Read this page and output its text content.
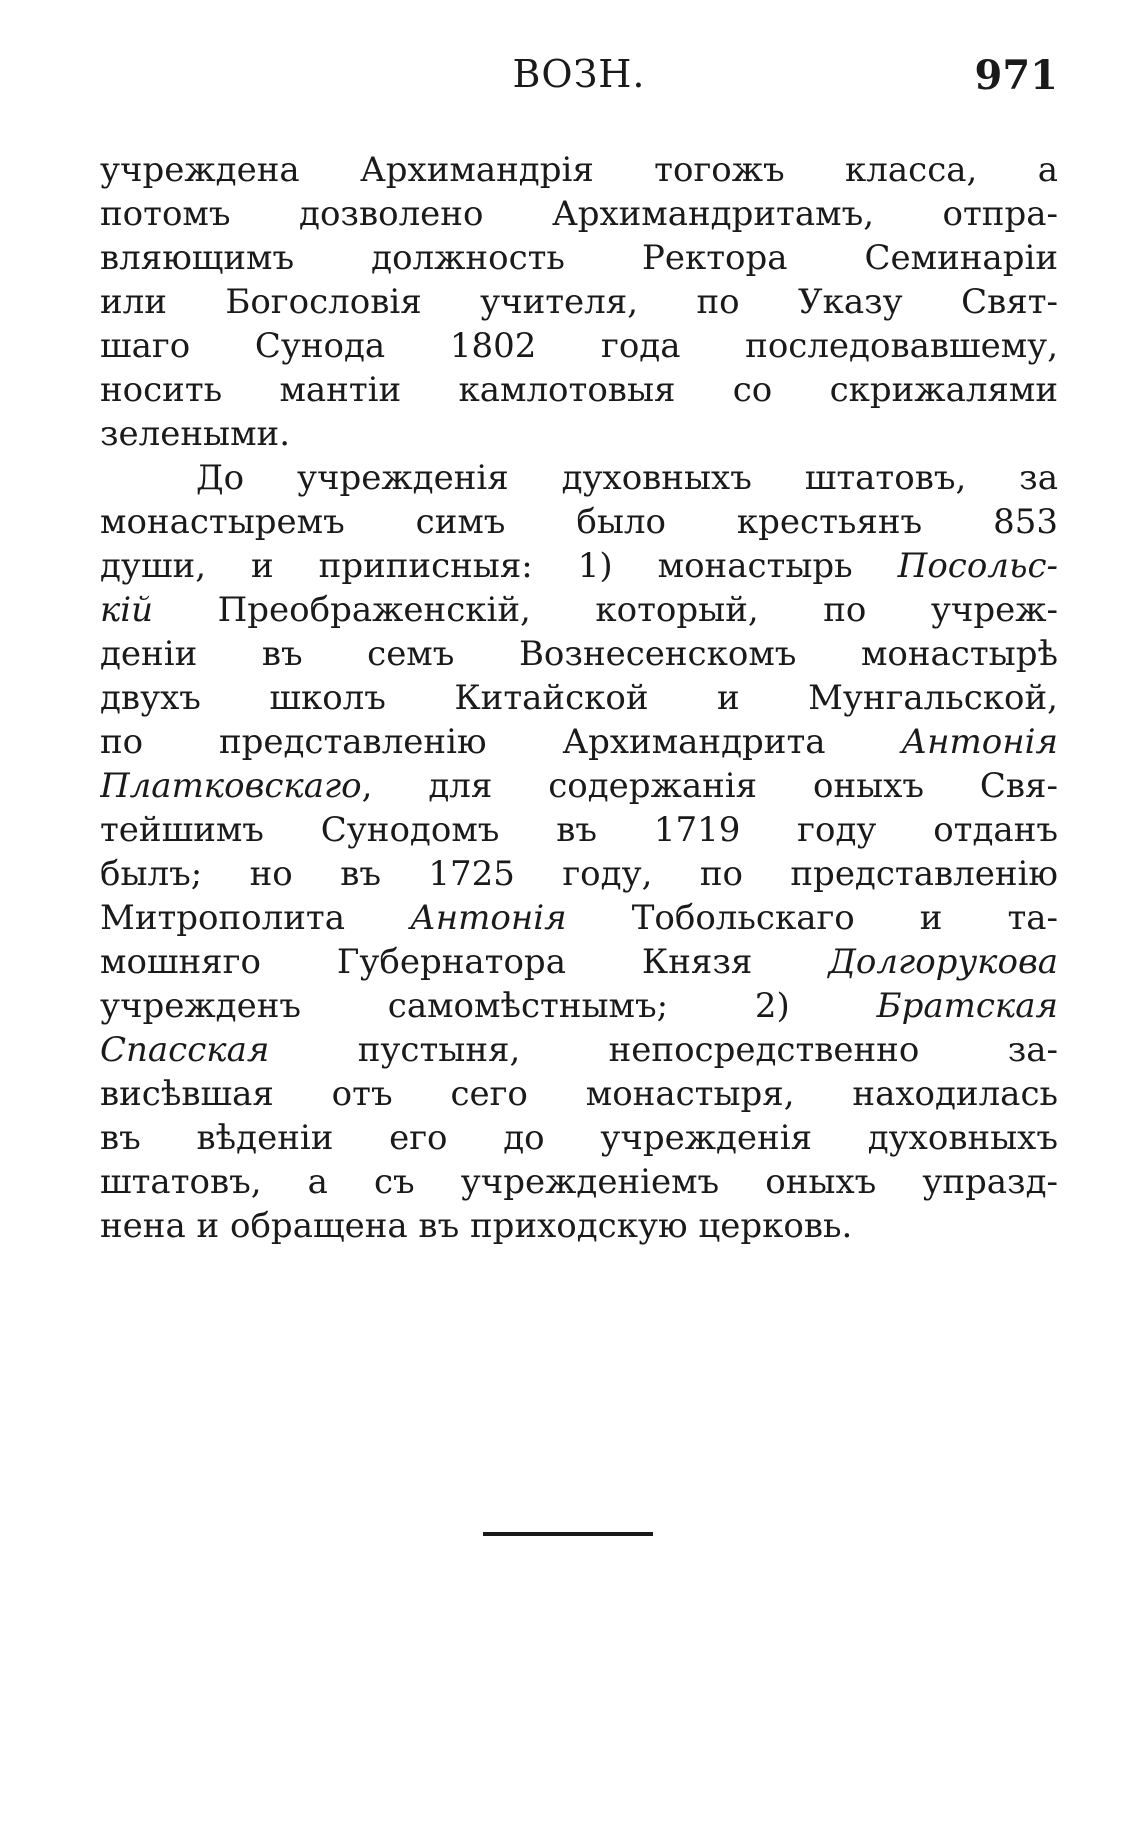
ВОЗН.	971
учреждена Архимандрія тогожъ класса, а
потомъ дозволено Архимандритамъ, отпра-
вляющимъ должность Ректора Семинаріи
или Богословія учителя, по Указу Свят-
шаго Сунода 1802 года последовавшему,
носить мантіи камлотовыя со скрижалями
зелеными.
До учрежденія духовныхъ штатовъ, за
монастыремъ симъ было крестьянъ 853
души, и приписныя: 1) монастырь Посольс-
кій Преображенскій, который, по учреж-
деніи въ семъ Вознесенскомъ монастырѣ
двухъ школъ Китайской и Мунгальской,
по представленію Архимандрита Антонія
Платковскаго, для содержанія оныхъ Свя-
тейшимъ Сунодомъ въ 1719 году отданъ
былъ; но въ 1725 году, по представленію
Митрополита Антонія Тобольскаго и та-
мошняго Губернатора Князя Долгорукова
учрежденъ самомѣстнымъ; 2)	Братская
Спасская	пустыня, непосредственно за-
висѣвшая отъ сего монастыря, находилась
въ вѣденіи его до учрежденія духовныхъ
штатовъ, а съ учрежденіемъ оныхъ упразд-
нена и обращена въ приходскую церковь.
